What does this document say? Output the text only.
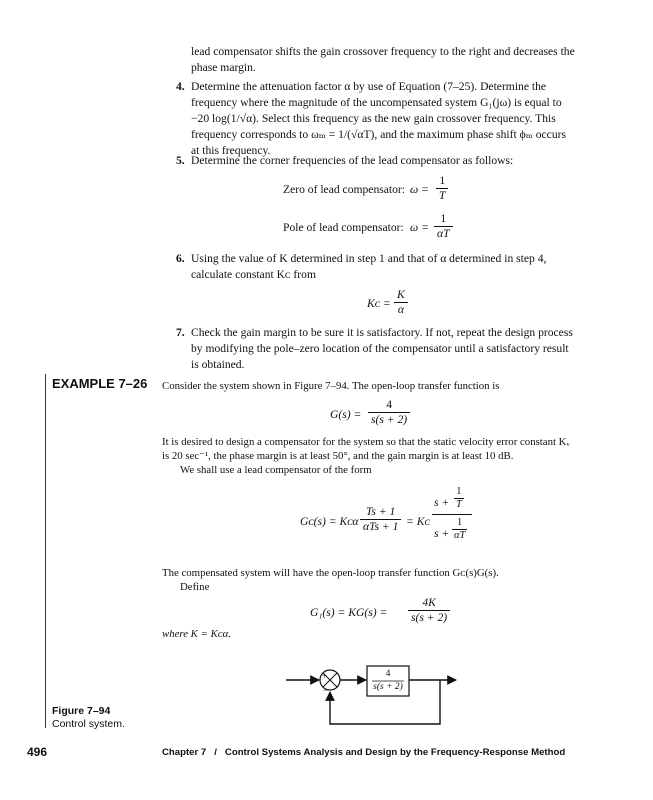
lead compensator shifts the gain crossover frequency to the right and decreases the
phase margin.
4. Determine the attenuation factor α by use of Equation (7–25). Determine the
frequency where the magnitude of the uncompensated system G₁(jω) is equal to
−20 log(1/√α). Select this frequency as the new gain crossover frequency. This
frequency corresponds to ωₘ = 1/(√αT), and the maximum phase shift ϕₘ occurs
at this frequency.
5. Determine the corner frequencies of the lead compensator as follows:
Zero of lead compensator: $\omega = \frac{1}{T}$
Pole of lead compensator: $\omega = \frac{1}{\alpha T}$
6. Using the value of K determined in step 1 and that of α determined in step 4,
calculate constant Kᴄ from
Kᴄ = $\frac{K}{\alpha}$
7. Check the gain margin to be sure it is satisfactory. If not, repeat the design process
by modifying the pole–zero location of the compensator until a satisfactory result
is obtained.
EXAMPLE 7–26 Consider the system shown in Figure 7–94. The open-loop transfer function is
$G(s) = \frac{4}{s(s + 2)}$
It is desired to design a compensator for the system so that the static velocity error constant Kᵥ
is 20 sec⁻¹, the phase margin is at least 50°, and the gain margin is at least 10 dB.
We shall use a lead compensator of the form
Gᴄ(s) = Kᴄα $\frac{Ts + 1}{\text{αTs + 1}}$ = Kᴄ
$s + \frac{1}{T}$
$s + \frac{1}{\alpha T}$
The compensated system will have the open-loop transfer function Gᴄ(s)G(s).
Define
$G_1(s) = KG(s) = \frac{4K}{s(s + 2)}$
where K = Kᴄα.
4
s(s + 2)
+
−
Figure 7–94
Control system.
496	Chapter 7   /   Control Systems Analysis and Design by the Frequency-Response Method
